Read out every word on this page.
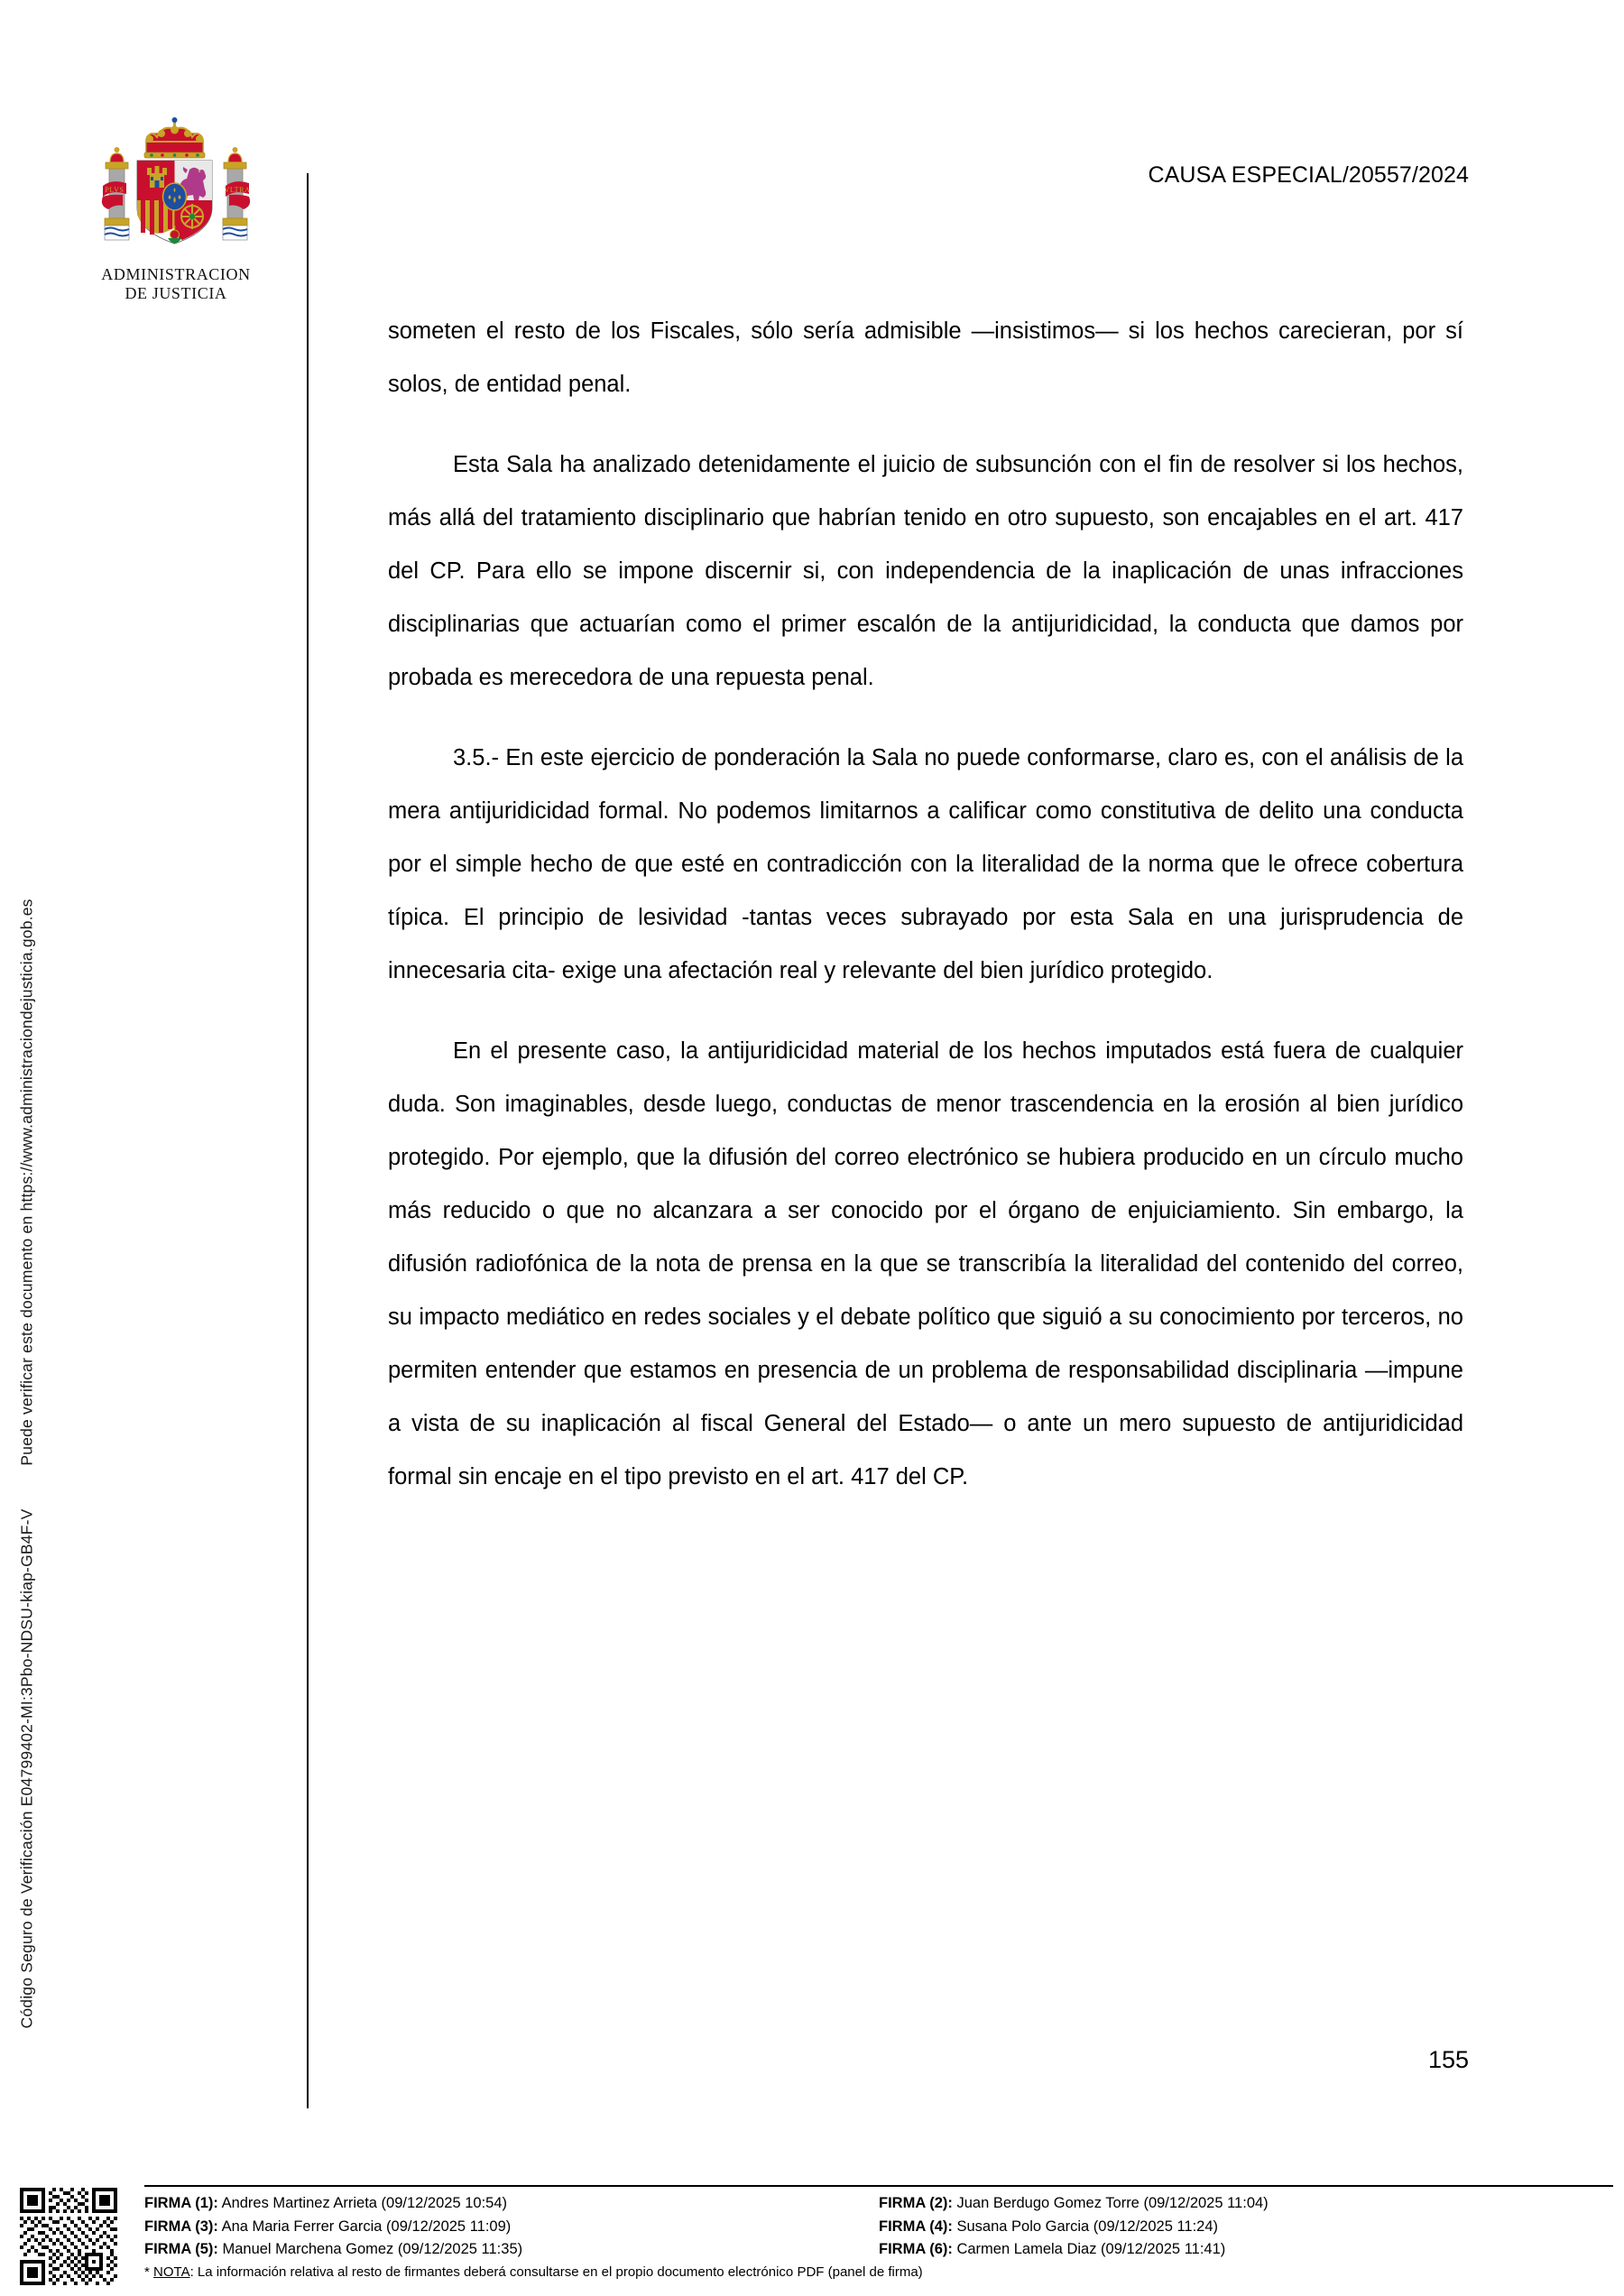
Código Seguro de Verificación E04799402-MI:3Pbo-NDSU-kiap-GB4F-V
Puede verificar este documento en https://www.administraciondejusticia.gob.es
PLVS	VLTRA
ADMINISTRACION
DE JUSTICIA
CAUSA ESPECIAL/20557/2024

someten el resto de los Fiscales, sólo sería admisible —insistimos— si los hechos carecieran, por sí solos, de entidad penal.

Esta Sala ha analizado detenidamente el juicio de subsunción con el fin de resolver si los hechos, más allá del tratamiento disciplinario que habrían tenido en otro supuesto, son encajables en el art. 417 del CP. Para ello se impone discernir si, con independencia de la inaplicación de unas infracciones disciplinarias que actuarían como el primer escalón de la antijuridicidad, la conducta que damos por probada es merecedora de una repuesta penal.

3.5.- En este ejercicio de ponderación la Sala no puede conformarse, claro es, con el análisis de la mera antijuridicidad formal. No podemos limitarnos a calificar como constitutiva de delito una conducta por el simple hecho de que esté en contradicción con la literalidad de la norma que le ofrece cobertura típica. El principio de lesividad -tantas veces subrayado por esta Sala en una jurisprudencia de innecesaria cita- exige una afectación real y relevante del bien jurídico protegido.

En el presente caso, la antijuridicidad material de los hechos imputados está fuera de cualquier duda. Son imaginables, desde luego, conductas de menor trascendencia en la erosión al bien jurídico protegido. Por ejemplo, que la difusión del correo electrónico se hubiera producido en un círculo mucho más reducido o que no alcanzara a ser conocido por el órgano de enjuiciamiento. Sin embargo, la difusión radiofónica de la nota de prensa en la que se transcribía la literalidad del contenido del correo, su impacto mediático en redes sociales y el debate político que siguió a su conocimiento por terceros, no permiten entender que estamos en presencia de un problema de responsabilidad disciplinaria —impune a vista de su inaplicación al fiscal General del Estado— o ante un mero supuesto de antijuridicidad formal sin encaje en el tipo previsto en el art. 417 del CP.

155
FIRMA (1): Andres Martinez Arrieta (09/12/2025 10:54)
FIRMA (3): Ana Maria Ferrer Garcia (09/12/2025 11:09)
FIRMA (5): Manuel Marchena Gomez (09/12/2025 11:35)
FIRMA (2): Juan Berdugo Gomez Torre (09/12/2025 11:04)
FIRMA (4): Susana Polo Garcia (09/12/2025 11:24)
FIRMA (6): Carmen Lamela Diaz (09/12/2025 11:41)
* NOTA: La información relativa al resto de firmantes deberá consultarse en el propio documento electrónico PDF (panel de firma)
